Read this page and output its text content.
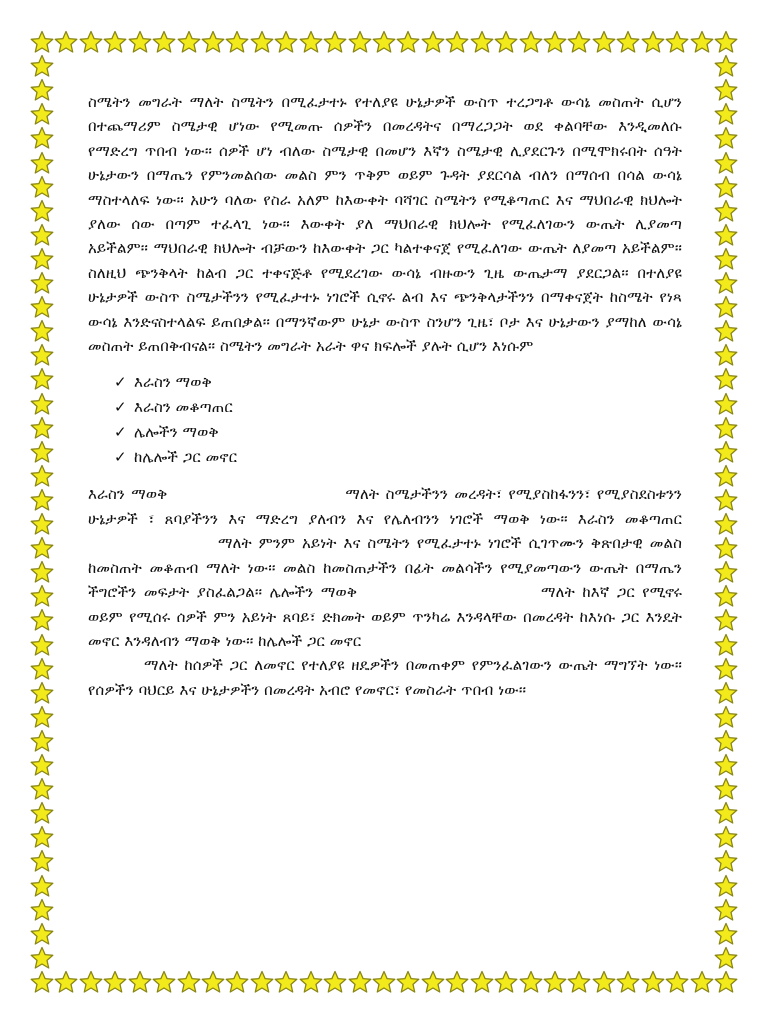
ስሜትን መግራት ማለት ስሜትን በሚፈታተኑ የተለያዩ ሁኔታዎች ውስጥ ተረጋግቶ ውሳኔ መስጠት ሲሆን በተጨማሪም ስሜታዊ ሆነው የሚመጡ ሰዎችን በመረዳትና በማረጋጋት ወደ ቀልባቸው እንዲመለሱ የማድረግ ጥበብ ነው፡፡ ሰዎች ሆነ ብለው ስሜታዊ በመሆን እኛን ስሜታዊ ሊያደርጉን በሚሞክሩበት ሰዓት ሁኔታውን በማጤን የምንመልሰው መልስ ምን ጥቅም ወይም ጉዳት ያደርሳል ብለን በማሰብ በሳል ውሳኔ ማስተላለፍ ነው፡፡ አሁን ባለው የስራ አለም ከእውቀት ባሻገር ስሜትን የሚቆጣጠር እና ማህበራዊ ክህሎት ያለው ሰው በጣም ተፈላጊ ነው፡፡ እውቀት ያለ ማህበራዊ ክህሎት የሚፈለገውን ውጤት ሊያመጣ አይችልም፡፡ ማህበራዊ ክህሎት ብቻውን ከእውቀት ጋር ካልተቀናጀ የሚፈለገው ውጤት ለያመጣ አይችልም፡፡ ስለዚህ ጭንቅላት ከልብ ጋር ተቀናጅቶ የሚደረገው ውሳኔ ብዙውን ጊዜ ውጤታማ ያደርጋል፡፡ በተለያዩ ሁኔታዎች ውስጥ ስሜታችንን የሚፈታተኑ ነገሮች ሲኖሩ ልብ እና ጭንቅላታችንን በማቀናጀት ከስሜት የነጻ ውሳኔ እንድናስተላልፍ ይጠበቃል፡፡ በማንኛውም ሁኔታ ውስጥ ስንሆን ጊዜ፣ ቦታ እና ሁኔታውን ያማከለ ውሳኔ መስጠት ይጠበቅብናል፡፡ ስሜትን መግራት አራት ዋና ክፍሎች ያሉት ሲሆን እነሱም

✓ እራስን ማወቅ
✓ እራስን መቆጣጠር
✓ ሌሎችን ማወቅ
✓ ከሌሎች ጋር መኖር

እራስን ማወቅ	ማለት ስሜታችንን መረዳት፣ የሚያስከፋንን፣ የሚያስደስቱንን ሁኔታዎች ፣ ጸባያችንን እና ማድረግ ያለብን እና የሌለብንን ነገሮች ማወቅ ነው፡፡ እራስን መቆጣጠርማለት ምንም አይነት እና ስሜትን የሚፈታተኑ ነገሮች ሲገጥሙን ቅጽበታዊ መልስ ከመስጠት መቆጠብ ማለት ነው፡፡ መልስ ከመስጠታችን በፊት መልሳችን የሚያመጣውን ውጤት በማጤን ችግሮችን መፍታት ያስፈልጋል፡፡ ሌሎችን ማወቅ	ማለት ከእኛ ጋር የሚኖሩ ወይም የሚሰሩ ሰዎች ምን አይነት ጸባይ፣ ድክመት ወይም ጥንካሬ እንዳላቸው በመረዳት ከእነሱ ጋር እንዴት መኖር እንዳለብን ማወቅ ነው፡፡ ከሌሎች ጋር መኖር
ማለት ከሰዎች ጋር ለመኖር የተለያዩ ዘዴዎችን በመጠቀም የምንፈልገውን ውጤት ማግኘት ነው፡፡ የሰዎችን ባህርይ እና ሁኔታዎችን በመረዳት አብሮ የመኖር፣ የመስራት ጥበብ ነው፡፡
